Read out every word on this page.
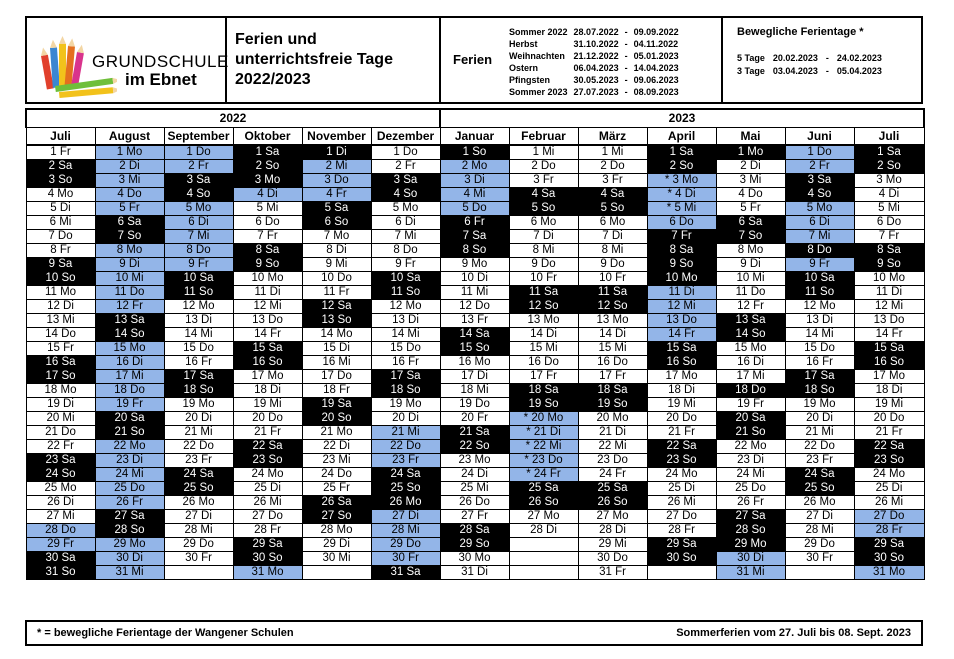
GRUNDSCHULE
im Ebnet
Ferien und
unterrichtsfreie Tage
2022/2023
Ferien
Sommer 2022	28.07.2022	-	09.09.2022
Herbst	31.10.2022	-	04.11.2022
Weihnachten	21.12.2022	-	05.01.2023
Ostern	06.04.2023	-	14.04.2023
Pfingsten	30.05.2023	-	09.06.2023
Sommer 2023	27.07.2023	-	08.09.2023
Bewegliche Ferientage *
5 Tage	20.02.2023	-	24.02.2023
3 Tage	03.04.2023	-	05.04.2023
2022						2023						
Juli	August	September	Oktober	November	Dezember	Januar	Februar	März	April	Mai	Juni	Juli
1 Fr	1 Mo	1 Do	1 Sa	1 Di	1 Do	1 So	1 Mi	1 Mi	1 Sa	1 Mo	1 Do	1 Sa
2 Sa	2 Di	2 Fr	2 So	2 Mi	2 Fr	2 Mo	2 Do	2 Do	2 So	2 Di	2 Fr	2 So
3 So	3 Mi	3 Sa	3 Mo	3 Do	3 Sa	3 Di	3 Fr	3 Fr	* 3 Mo	3 Mi	3 Sa	3 Mo
4 Mo	4 Do	4 So	4 Di	4 Fr	4 So	4 Mi	4 Sa	4 Sa	* 4 Di	4 Do	4 So	4 Di
5 Di	5 Fr	5 Mo	5 Mi	5 Sa	5 Mo	5 Do	5 So	5 So	* 5 Mi	5 Fr	5 Mo	5 Mi
6 Mi	6 Sa	6 Di	6 Do	6 So	6 Di	6 Fr	6 Mo	6 Mo	6 Do	6 Sa	6 Di	6 Do
7 Do	7 So	7 Mi	7 Fr	7 Mo	7 Mi	7 Sa	7 Di	7 Di	7 Fr	7 So	7 Mi	7 Fr
8 Fr	8 Mo	8 Do	8 Sa	8 Di	8 Do	8 So	8 Mi	8 Mi	8 Sa	8 Mo	8 Do	8 Sa
9 Sa	9 Di	9 Fr	9 So	9 Mi	9 Fr	9 Mo	9 Do	9 Do	9 So	9 Di	9 Fr	9 So
10 So	10 Mi	10 Sa	10 Mo	10 Do	10 Sa	10 Di	10 Fr	10 Fr	10 Mo	10 Mi	10 Sa	10 Mo
11 Mo	11 Do	11 So	11 Di	11 Fr	11 So	11 Mi	11 Sa	11 Sa	11 Di	11 Do	11 So	11 Di
12 Di	12 Fr	12 Mo	12 Mi	12 Sa	12 Mo	12 Do	12 So	12 So	12 Mi	12 Fr	12 Mo	12 Mi
13 Mi	13 Sa	13 Di	13 Do	13 So	13 Di	13 Fr	13 Mo	13 Mo	13 Do	13 Sa	13 Di	13 Do
14 Do	14 So	14 Mi	14 Fr	14 Mo	14 Mi	14 Sa	14 Di	14 Di	14 Fr	14 So	14 Mi	14 Fr
15 Fr	15 Mo	15 Do	15 Sa	15 Di	15 Do	15 So	15 Mi	15 Mi	15 Sa	15 Mo	15 Do	15 Sa
16 Sa	16 Di	16 Fr	16 So	16 Mi	16 Fr	16 Mo	16 Do	16 Do	16 So	16 Di	16 Fr	16 So
17 So	17 Mi	17 Sa	17 Mo	17 Do	17 Sa	17 Di	17 Fr	17 Fr	17 Mo	17 Mi	17 Sa	17 Mo
18 Mo	18 Do	18 So	18 Di	18 Fr	18 So	18 Mi	18 Sa	18 Sa	18 Di	18 Do	18 So	18 Di
19 Di	19 Fr	19 Mo	19 Mi	19 Sa	19 Mo	19 Do	19 So	19 So	19 Mi	19 Fr	19 Mo	19 Mi
20 Mi	20 Sa	20 Di	20 Do	20 So	20 Di	20 Fr	* 20 Mo	20 Mo	20 Do	20 Sa	20 Di	20 Do
21 Do	21 So	21 Mi	21 Fr	21 Mo	21 Mi	21 Sa	* 21 Di	21 Di	21 Fr	21 So	21 Mi	21 Fr
22 Fr	22 Mo	22 Do	22 Sa	22 Di	22 Do	22 So	* 22 Mi	22 Mi	22 Sa	22 Mo	22 Do	22 Sa
23 Sa	23 Di	23 Fr	23 So	23 Mi	23 Fr	23 Mo	* 23 Do	23 Do	23 So	23 Di	23 Fr	23 So
24 So	24 Mi	24 Sa	24 Mo	24 Do	24 Sa	24 Di	* 24 Fr	24 Fr	24 Mo	24 Mi	24 Sa	24 Mo
25 Mo	25 Do	25 So	25 Di	25 Fr	25 So	25 Mi	25 Sa	25 Sa	25 Di	25 Do	25 So	25 Di
26 Di	26 Fr	26 Mo	26 Mi	26 Sa	26 Mo	26 Do	26 So	26 So	26 Mi	26 Fr	26 Mo	26 Mi
27 Mi	27 Sa	27 Di	27 Do	27 So	27 Di	27 Fr	27 Mo	27 Mo	27 Do	27 Sa	27 Di	27 Do
28 Do	28 So	28 Mi	28 Fr	28 Mo	28 Mi	28 Sa	28 Di	28 Di	28 Fr	28 So	28 Mi	28 Fr
29 Fr	29 Mo	29 Do	29 Sa	29 Di	29 Do	29 So		29 Mi	29 Sa	29 Mo	29 Do	29 Sa
30 Sa	30 Di	30 Fr	30 So	30 Mi	30 Fr	30 Mo		30 Do	30 So	30 Di	30 Fr	30 So
31 So	31 Mi		31 Mo		31 Sa	31 Di		31 Fr		31 Mi		31 Mo
* = bewegliche Ferientage der Wangener Schulen	Sommerferien vom 27. Juli bis 08. Sept. 2023
